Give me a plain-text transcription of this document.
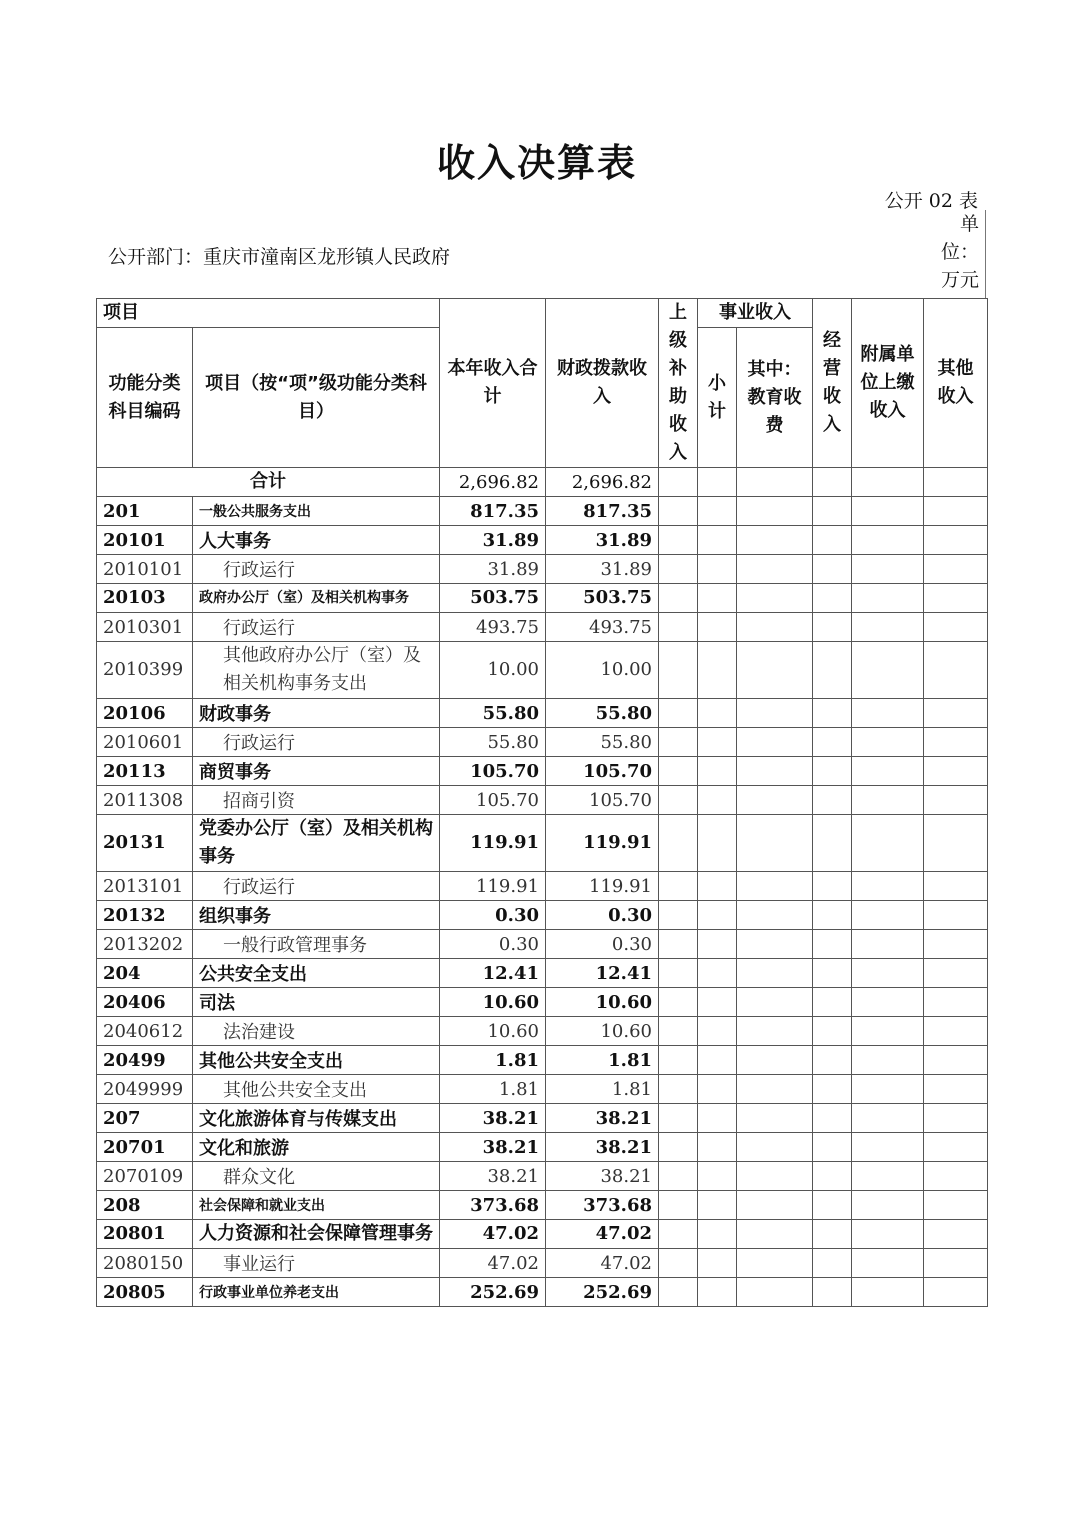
收入决算表
公开 02 表
单位：万元
公开部门：重庆市潼南区龙形镇人民政府
项目		本年收入合计	财政拨款收入	上级补助收入	事业收入		经营收入	附属单位上缴收入	其他收入
功能分类科目编码	项目（按“项”级功能分类科目）				小计	其中：教育收费			
合计		2,696.82	2,696.82						
201	一般公共服务支出	817.35	817.35						
20101	人大事务	31.89	31.89						
2010101	行政运行	31.89	31.89						
20103	政府办公厅（室）及相关机构事务	503.75	503.75						
2010301	行政运行	493.75	493.75						
2010399	其他政府办公厅（室）及相关机构事务支出	10.00	10.00						
20106	财政事务	55.80	55.80						
2010601	行政运行	55.80	55.80						
20113	商贸事务	105.70	105.70						
2011308	招商引资	105.70	105.70						
20131	党委办公厅（室）及相关机构事务	119.91	119.91						
2013101	行政运行	119.91	119.91						
20132	组织事务	0.30	0.30						
2013202	一般行政管理事务	0.30	0.30						
204	公共安全支出	12.41	12.41						
20406	司法	10.60	10.60						
2040612	法治建设	10.60	10.60						
20499	其他公共安全支出	1.81	1.81						
2049999	其他公共安全支出	1.81	1.81						
207	文化旅游体育与传媒支出	38.21	38.21						
20701	文化和旅游	38.21	38.21						
2070109	群众文化	38.21	38.21						
208	社会保障和就业支出	373.68	373.68						
20801	人力资源和社会保障管理事务	47.02	47.02						
2080150	事业运行	47.02	47.02						
20805	行政事业单位养老支出	252.69	252.69						
